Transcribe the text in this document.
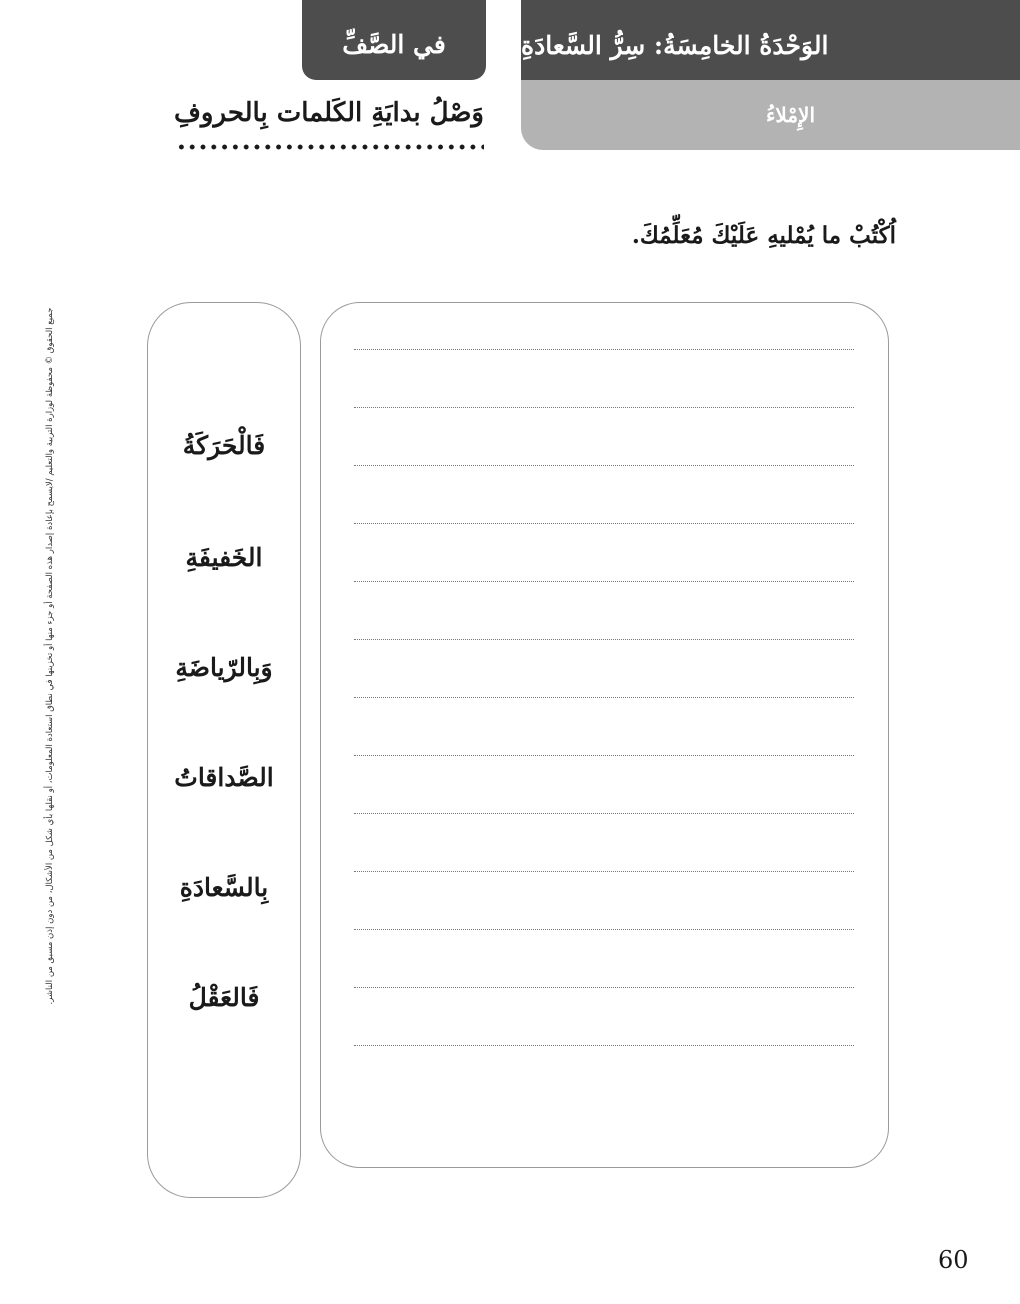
في الصَّفِّ	الوَحْدَةُ الخامِسَةُ: سِرُّ السَّعادَةِ
الإِمْلاءُ
وَصْلُ بدايَةِ الكَلمات بِالحروفِ
اُكْتُبْ ما يُمْليهِ عَلَيْكَ مُعَلِّمُكَ.
جميع الحقوق © محفوظة لوزارة التربية والتعليم /لايسمح بإعادة إصدار هذه الصفحة أو جزء منها أو تخزينها في نطاق استعادة المعلومات، أو نقلها بأي شكل من الأشكال، من دون إذن مسبق من الناشر.	فَالْحَرَكَةُ
الخَفيفَةِ
وَبِالرّياضَةِ
الصَّداقاتُ
بِالسَّعادَةِ
فَالعَقْلُ
60
